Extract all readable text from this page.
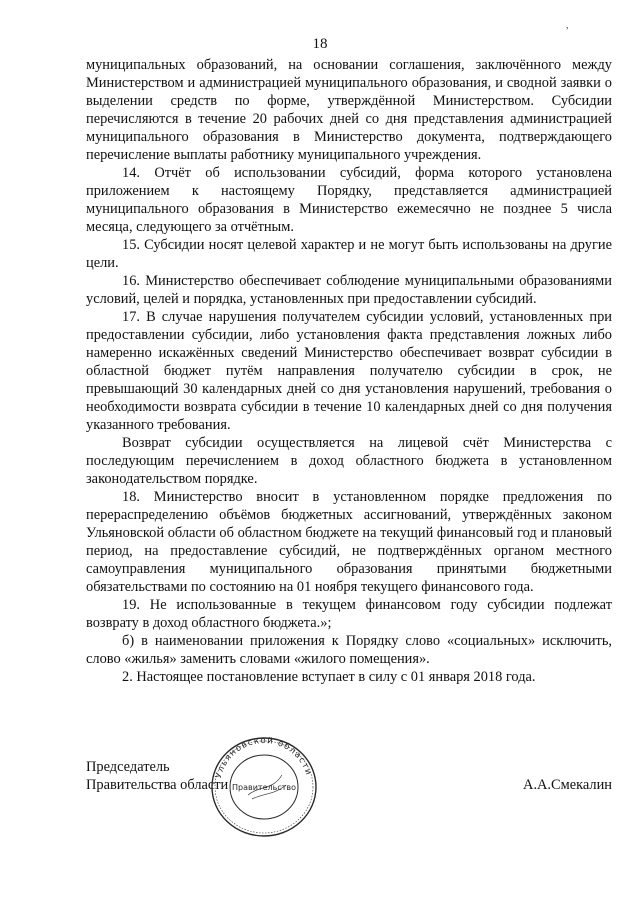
18
,

муниципальных образований, на основании соглашения, заключённого между Министерством и администрацией муниципального образования, и сводной заявки о выделении средств по форме, утверждённой Министерством. Субсидии перечисляются в течение 20 рабочих дней со дня представления администрацией муниципального образования в Министерство документа, подтверждающего перечисление выплаты работнику муниципального учреждения.

14. Отчёт об использовании субсидий, форма которого установлена приложением к настоящему Порядку, представляется администрацией муниципального образования в Министерство ежемесячно не позднее 5 числа месяца, следующего за отчётным.

15. Субсидии носят целевой характер и не могут быть использованы на другие цели.

16. Министерство обеспечивает соблюдение муниципальными образованиями условий, целей и порядка, установленных при предоставлении субсидий.

17. В случае нарушения получателем субсидии условий, установленных при предоставлении субсидии, либо установления факта представления ложных либо намеренно искажённых сведений Министерство обеспечивает возврат субсидии в областной бюджет путём направления получателю субсидии в срок, не превышающий 30 календарных дней со дня установления нарушений, требования о необходимости возврата субсидии в течение 10 календарных дней со дня получения указанного требования.

Возврат субсидии осуществляется на лицевой счёт Министерства с последующим перечислением в доход областного бюджета в установленном законодательством порядке.

18. Министерство вносит в установленном порядке предложения по перераспределению объёмов бюджетных ассигнований, утверждённых законом Ульяновской области об областном бюджете на текущий финансовый год и плановый период, на предоставление субсидий, не подтверждённых органом местного самоуправления муниципального образования принятыми бюджетными обязательствами по состоянию на 01 ноября текущего финансового года.

19. Не использованные в текущем финансовом году субсидии подлежат возврату в доход областного бюджета.»;

б) в наименовании приложения к Порядку слово «социальных» исключить, слово «жилья» заменить словами «жилого помещения».

2. Настоящее постановление вступает в силу с 01 января 2018 года.

Председатель
Правительства области	А.А.Смекалин
Ульяновской области
Правительство
